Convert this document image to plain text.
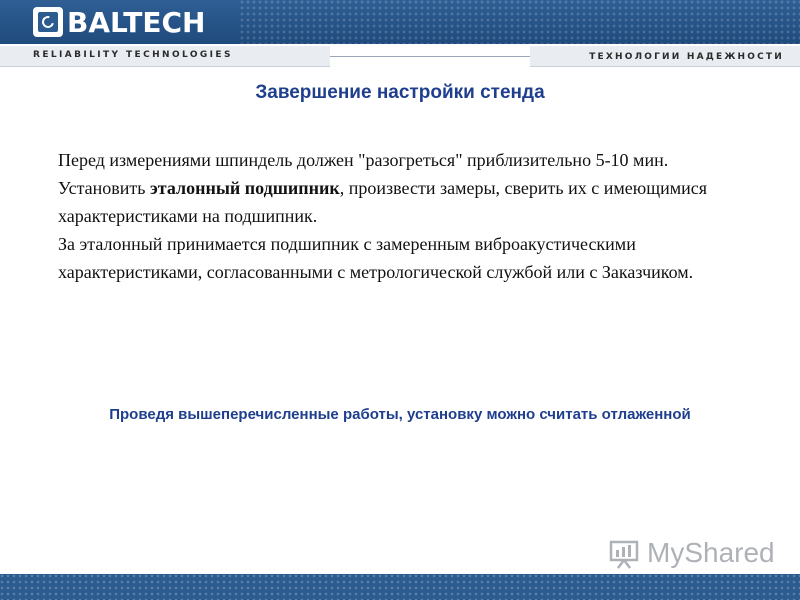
BALTECH
RELIABILITY TECHNOLOGIES	ТЕХНОЛОГИИ НАДЕЖНОСТИ
Завершение настройки стенда

Перед измерениями шпиндель должен "разогреться" приблизительно 5-10 мин.

Установить эталонный подшипник, произвести замеры, сверить их с имеющимися характеристиками на подшипник.

За эталонный принимается подшипник с замеренным виброакустическими характеристиками, согласованными с метрологической службой или с Заказчиком.

Проведя вышеперечисленные работы, установку можно считать отлаженной
MyShared
